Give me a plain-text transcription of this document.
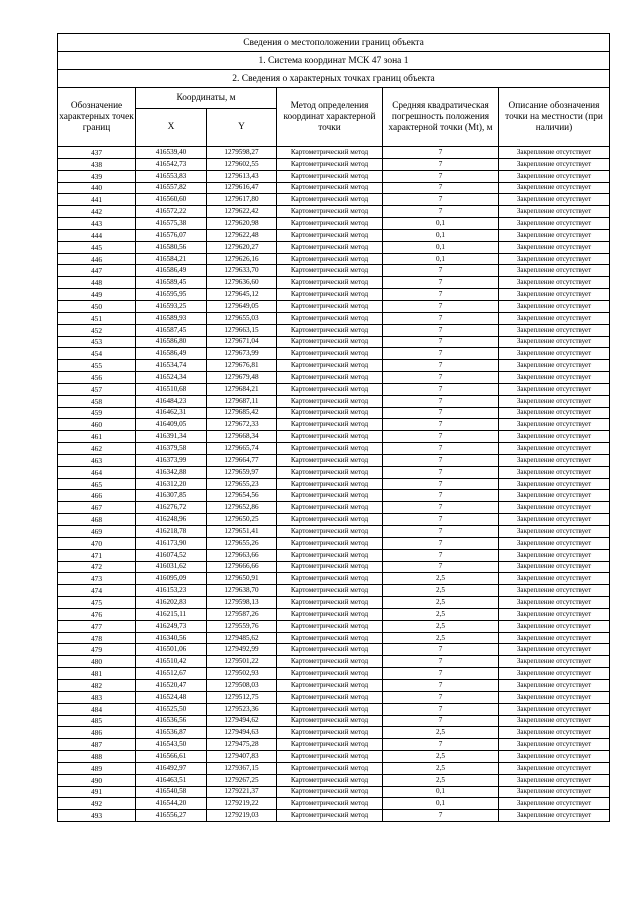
Сведения о местоположении границ объекта					
1. Система координат МСК 47 зона 1					
2. Сведения о характерных точках границ объекта					
Обозначение характерных точек границ	Координаты, м		Метод определения координат характерной точки	Средняя квадратическая погрешность положения характерной точки (Mt), м	Описание обозначения точки на местности (при наличии)
	X	Y			
437	416539,40	1279598,27	Картометрический метод	7	Закрепление отсутствует
438	416542,73	1279602,55	Картометрический метод	7	Закрепление отсутствует
439	416553,83	1279613,43	Картометрический метод	7	Закрепление отсутствует
440	416557,82	1279616,47	Картометрический метод	7	Закрепление отсутствует
441	416560,60	1279617,80	Картометрический метод	7	Закрепление отсутствует
442	416572,22	1279622,42	Картометрический метод	7	Закрепление отсутствует
443	416575,38	1279620,98	Картометрический метод	0,1	Закрепление отсутствует
444	416576,07	1279622,48	Картометрический метод	0,1	Закрепление отсутствует
445	416580,56	1279620,27	Картометрический метод	0,1	Закрепление отсутствует
446	416584,21	1279626,16	Картометрический метод	0,1	Закрепление отсутствует
447	416586,49	1279633,70	Картометрический метод	7	Закрепление отсутствует
448	416589,45	1279636,60	Картометрический метод	7	Закрепление отсутствует
449	416595,95	1279645,12	Картометрический метод	7	Закрепление отсутствует
450	416593,25	1279649,05	Картометрический метод	7	Закрепление отсутствует
451	416589,93	1279655,03	Картометрический метод	7	Закрепление отсутствует
452	416587,45	1279663,15	Картометрический метод	7	Закрепление отсутствует
453	416586,80	1279671,04	Картометрический метод	7	Закрепление отсутствует
454	416586,49	1279673,99	Картометрический метод	7	Закрепление отсутствует
455	416534,74	1279676,81	Картометрический метод	7	Закрепление отсутствует
456	416524,34	1279679,48	Картометрический метод	7	Закрепление отсутствует
457	416510,68	1279684,21	Картометрический метод	7	Закрепление отсутствует
458	416484,23	1279687,11	Картометрический метод	7	Закрепление отсутствует
459	416462,31	1279685,42	Картометрический метод	7	Закрепление отсутствует
460	416409,05	1279672,33	Картометрический метод	7	Закрепление отсутствует
461	416391,34	1279668,34	Картометрический метод	7	Закрепление отсутствует
462	416379,58	1279665,74	Картометрический метод	7	Закрепление отсутствует
463	416373,99	1279664,77	Картометрический метод	7	Закрепление отсутствует
464	416342,88	1279659,97	Картометрический метод	7	Закрепление отсутствует
465	416312,20	1279655,23	Картометрический метод	7	Закрепление отсутствует
466	416307,85	1279654,56	Картометрический метод	7	Закрепление отсутствует
467	416276,72	1279652,86	Картометрический метод	7	Закрепление отсутствует
468	416248,96	1279650,25	Картометрический метод	7	Закрепление отсутствует
469	416218,78	1279651,41	Картометрический метод	7	Закрепление отсутствует
470	416173,90	1279655,26	Картометрический метод	7	Закрепление отсутствует
471	416074,52	1279663,66	Картометрический метод	7	Закрепление отсутствует
472	416031,62	1279666,66	Картометрический метод	7	Закрепление отсутствует
473	416095,09	1279650,91	Картометрический метод	2,5	Закрепление отсутствует
474	416153,23	1279638,70	Картометрический метод	2,5	Закрепление отсутствует
475	416202,83	1279598,13	Картометрический метод	2,5	Закрепление отсутствует
476	416215,11	1279587,26	Картометрический метод	2,5	Закрепление отсутствует
477	416249,73	1279559,76	Картометрический метод	2,5	Закрепление отсутствует
478	416340,56	1279485,62	Картометрический метод	2,5	Закрепление отсутствует
479	416501,06	1279492,99	Картометрический метод	7	Закрепление отсутствует
480	416510,42	1279501,22	Картометрический метод	7	Закрепление отсутствует
481	416512,67	1279502,93	Картометрический метод	7	Закрепление отсутствует
482	416520,47	1279508,03	Картометрический метод	7	Закрепление отсутствует
483	416524,48	1279512,75	Картометрический метод	7	Закрепление отсутствует
484	416525,50	1279523,36	Картометрический метод	7	Закрепление отсутствует
485	416536,56	1279494,62	Картометрический метод	7	Закрепление отсутствует
486	416536,87	1279494,63	Картометрический метод	2,5	Закрепление отсутствует
487	416543,50	1279475,28	Картометрический метод	7	Закрепление отсутствует
488	416566,61	1279407,83	Картометрический метод	2,5	Закрепление отсутствует
489	416492,97	1279367,15	Картометрический метод	2,5	Закрепление отсутствует
490	416463,51	1279267,25	Картометрический метод	2,5	Закрепление отсутствует
491	416540,58	1279221,37	Картометрический метод	0,1	Закрепление отсутствует
492	416544,20	1279219,22	Картометрический метод	0,1	Закрепление отсутствует
493	416556,27	1279219,03	Картометрический метод	7	Закрепление отсутствует
